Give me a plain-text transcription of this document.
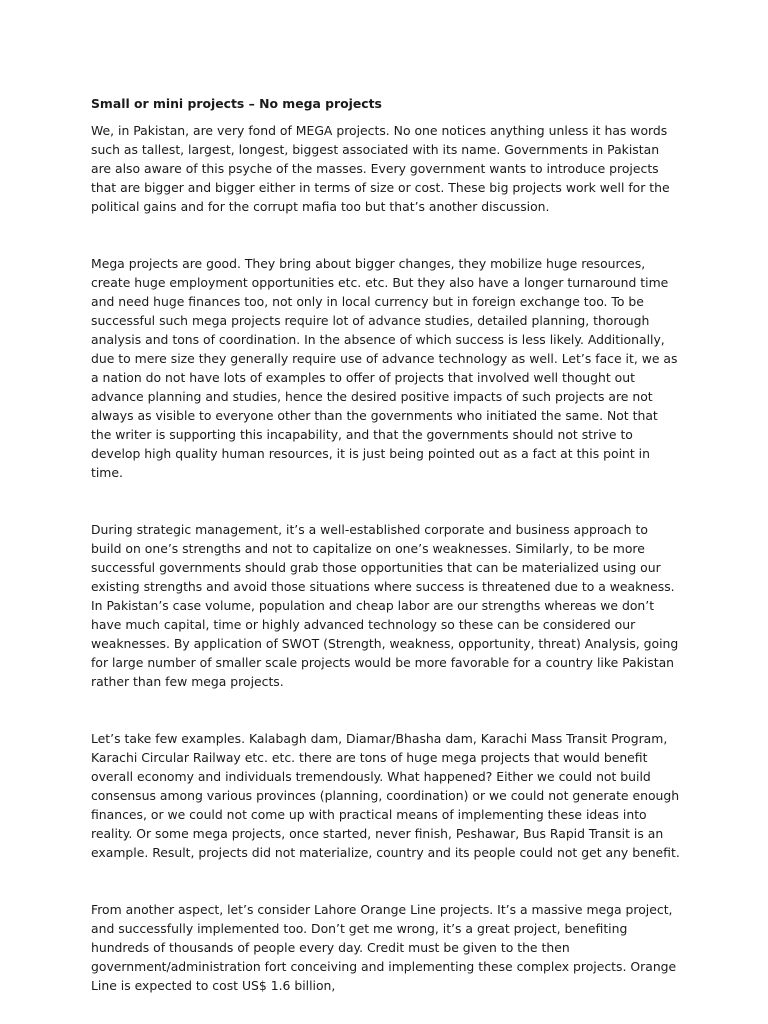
Small or mini projects – No mega projects

We, in Pakistan, are very fond of MEGA projects. No one notices anything unless it has words such as tallest, largest, longest, biggest associated with its name. Governments in Pakistan are also aware of this psyche of the masses. Every government wants to introduce projects that are bigger and bigger either in terms of size or cost. These big projects work well for the political gains and for the corrupt mafia too but that’s another discussion.

Mega projects are good. They bring about bigger changes, they mobilize huge resources, create huge employment opportunities etc. etc. But they also have a longer turnaround time and need huge finances too, not only in local currency but in foreign exchange too. To be successful such mega projects require lot of advance studies, detailed planning, thorough analysis and tons of coordination. In the absence of which success is less likely. Additionally, due to mere size they generally require use of advance technology as well. Let’s face it, we as a nation do not have lots of examples to offer of projects that involved well thought out advance planning and studies, hence the desired positive impacts of such projects are not always as visible to everyone other than the governments who initiated the same. Not that the writer is supporting this incapability, and that the governments should not strive to develop high quality human resources, it is just being pointed out as a fact at this point in time.

During strategic management, it’s a well-established corporate and business approach to build on one’s strengths and not to capitalize on one’s weaknesses. Similarly, to be more successful governments should grab those opportunities that can be materialized using our existing strengths and avoid those situations where success is threatened due to a weakness. In Pakistan’s case volume, population and cheap labor are our strengths whereas we don’t have much capital, time or highly advanced technology so these can be considered our weaknesses. By application of SWOT (Strength, weakness, opportunity, threat) Analysis, going for large number of smaller scale projects would be more favorable for a country like Pakistan rather than few mega projects.

Let’s take few examples. Kalabagh dam, Diamar/Bhasha dam, Karachi Mass Transit Program, Karachi Circular Railway etc. etc. there are tons of huge mega projects that would benefit overall economy and individuals tremendously. What happened? Either we could not build consensus among various provinces (planning, coordination) or we could not generate enough finances, or we could not come up with practical means of implementing these ideas into reality. Or some mega projects, once started, never finish, Peshawar, Bus Rapid Transit is an example. Result, projects did not materialize, country and its people could not get any benefit.

From another aspect, let’s consider Lahore Orange Line projects. It’s a massive mega project, and successfully implemented too. Don’t get me wrong, it’s a great project, benefiting hundreds of thousands of people every day. Credit must be given to the then government/administration fort conceiving and implementing these complex projects. Orange Line is expected to cost US$ 1.6 billion,
